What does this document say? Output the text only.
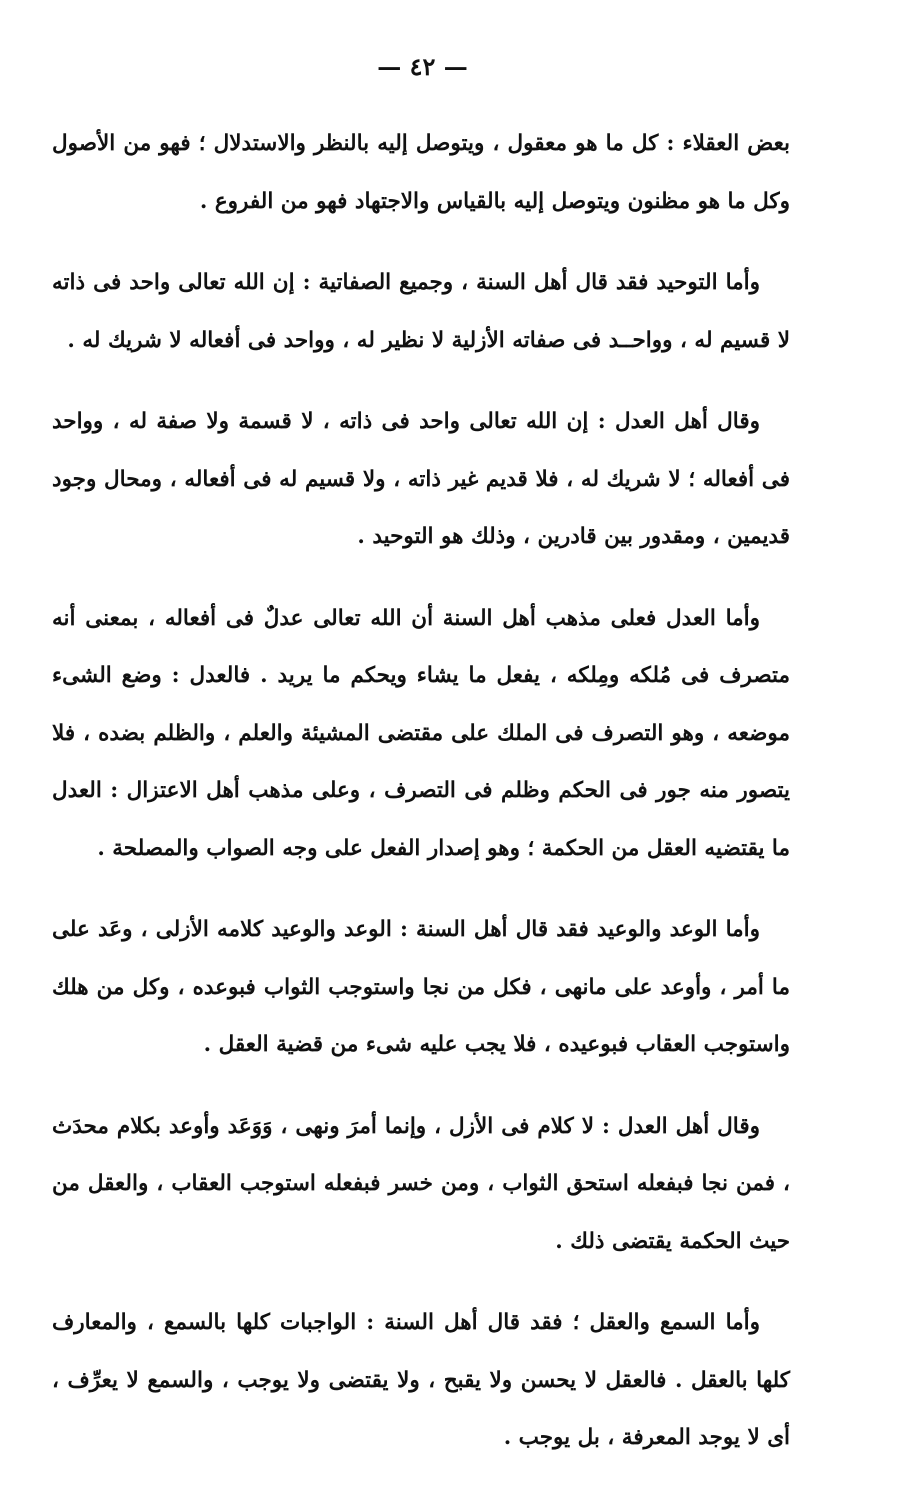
— ٤٢ —

بعض العقلاء : كل ما هو معقول ، ويتوصل إليه بالنظر والاستدلال ؛ فهو من الأصول وكل ما هو مظنون ويتوصل إليه بالقياس والاجتهاد فهو من الفروع .

وأما التوحيد فقد قال أهل السنة ، وجميع الصفاتية : إن الله تعالى واحد فى ذاته لا قسيم له ، وواحــد فى صفاته الأزلية لا نظير له ، وواحد فى أفعاله لا شريك له .

وقال أهل العدل : إن الله تعالى واحد فى ذاته ، لا قسمة ولا صفة له ، وواحد فى أفعاله ؛ لا شريك له ، فلا قديم غير ذاته ، ولا قسيم له فى أفعاله ، ومحال وجود قديمين ، ومقدور بين قادرين ، وذلك هو التوحيد .

وأما العدل فعلى مذهب أهل السنة أن الله تعالى عدلٌ فى أفعاله ، بمعنى أنه متصرف فى مُلكه ومِلكه ، يفعل ما يشاء ويحكم ما يريد . فالعدل : وضع الشىء موضعه ، وهو التصرف فى الملك على مقتضى المشيئة والعلم ، والظلم بضده ، فلا يتصور منه جور فى الحكم وظلم فى التصرف ، وعلى مذهب أهل الاعتزال : العدل ما يقتضيه العقل من الحكمة ؛ وهو إصدار الفعل على وجه الصواب والمصلحة .

وأما الوعد والوعيد فقد قال أهل السنة : الوعد والوعيد كلامه الأزلى ، وعَد على ما أمر ، وأوعد على مانهى ، فكل من نجا واستوجب الثواب فبوعده ، وكل من هلك واستوجب العقاب فبوعيده ، فلا يجب عليه شىء من قضية العقل .

وقال أهل العدل : لا كلام فى الأزل ، وإنما أمرَ ونهى ، وَوَعَد وأوعد بكلام محدَث ، فمن نجا فبفعله استحق الثواب ، ومن خسر فبفعله استوجب العقاب ، والعقل من حيث الحكمة يقتضى ذلك .

وأما السمع والعقل ؛ فقد قال أهل السنة : الواجبات كلها بالسمع ، والمعارف كلها بالعقل . فالعقل لا يحسن ولا يقبح ، ولا يقتضى ولا يوجب ، والسمع لا يعرِّف ، أى لا يوجد المعرفة ، بل يوجب .
